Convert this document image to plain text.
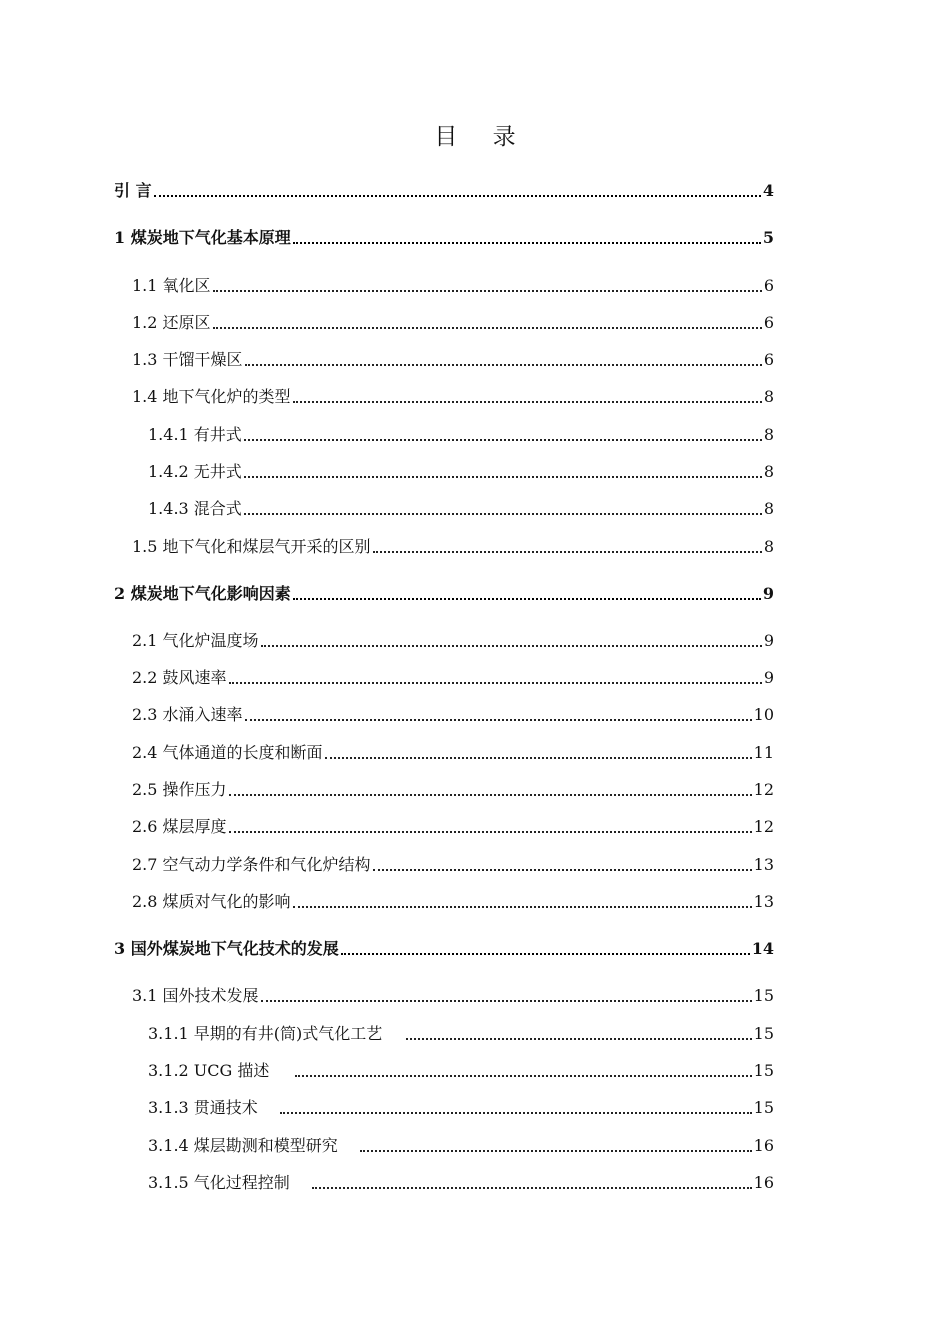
目 录
引 言	4
1 煤炭地下气化基本原理	5
1.1 氧化区	6
1.2 还原区	6
1.3 干馏干燥区	6
1.4 地下气化炉的类型	8
1.4.1 有井式	8
1.4.2 无井式	8
1.4.3 混合式	8
1.5 地下气化和煤层气开采的区别	8
2 煤炭地下气化影响因素	9
2.1 气化炉温度场	9
2.2 鼓风速率	9
2.3 水涌入速率	10
2.4 气体通道的长度和断面	11
2.5 操作压力	12
2.6 煤层厚度	12
2.7 空气动力学条件和气化炉结构	13
2.8 煤质对气化的影响	13
3 国外煤炭地下气化技术的发展	14
3.1 国外技术发展	15
3.1.1 早期的有井(筒)式气化工艺	15
3.1.2 UCG 描述	15
3.1.3 贯通技术	15
3.1.4 煤层勘测和模型研究	16
3.1.5 气化过程控制	16
